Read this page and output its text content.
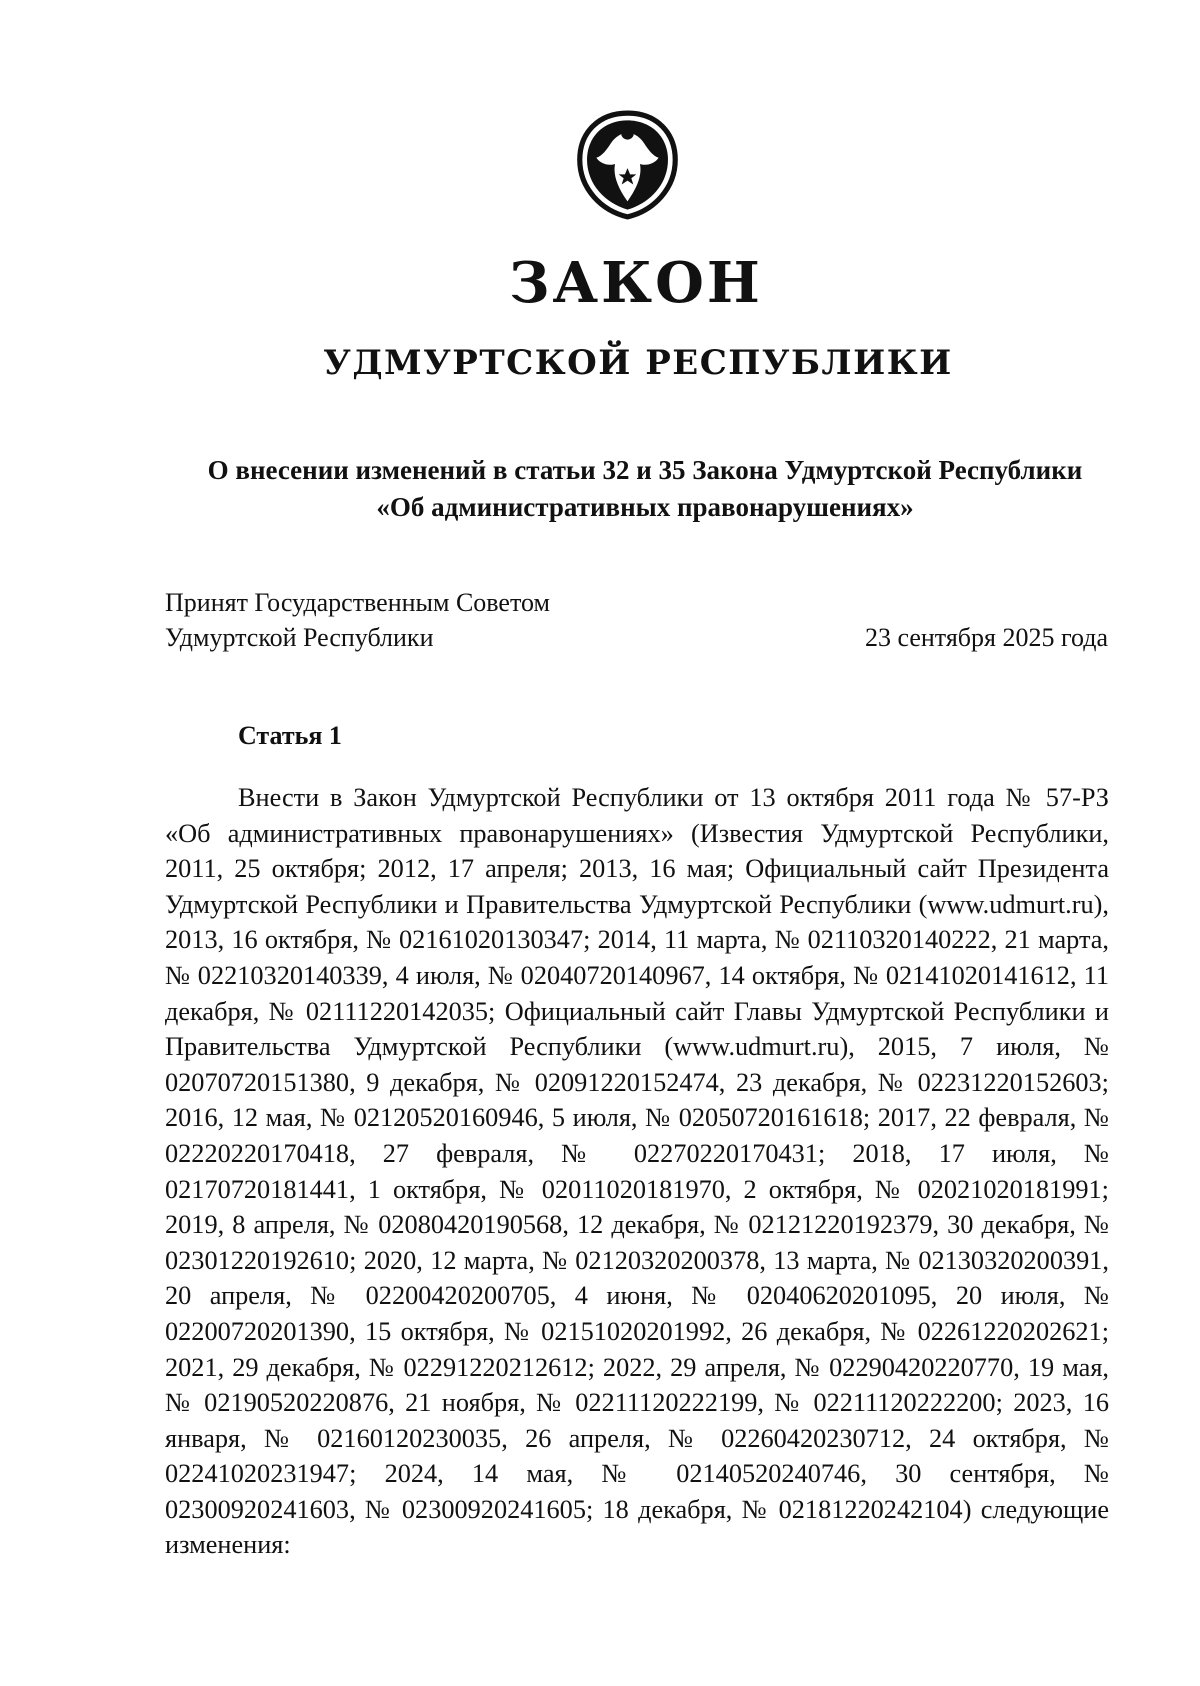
ЗАКОН
УДМУРТСКОЙ РЕСПУБЛИКИ
О внесении изменений в статьи 32 и 35 Закона Удмуртской Республики
«Об административных правонарушениях»
Принят Государственным Советом
Удмуртской Республики	23 сентября 2025 года
Статья 1
Внести в Закон Удмуртской Республики от 13 октября 2011 года № 57-РЗ «Об административных правонарушениях» (Известия Удмуртской Республики, 2011, 25 октября; 2012, 17 апреля; 2013, 16 мая; Официальный сайт Президента Удмуртской Республики и Правительства Удмуртской Республики (www.udmurt.ru), 2013, 16 октября, № 02161020130347; 2014, 11 марта, № 02110320140222, 21 марта, № 02210320140339, 4 июля, № 02040720140967, 14 октября, № 02141020141612, 11 декабря, № 02111220142035; Официальный сайт Главы Удмуртской Республики и Правительства Удмуртской Республики (www.udmurt.ru), 2015, 7 июля, № 02070720151380, 9 декабря, № 02091220152474, 23 декабря, № 02231220152603; 2016, 12 мая, № 02120520160946, 5 июля, № 02050720161618; 2017, 22 февраля, № 02220220170418, 27 февраля, № 02270220170431; 2018, 17 июля, № 02170720181441, 1 октября, № 02011020181970, 2 октября, № 02021020181991; 2019, 8 апреля, № 02080420190568, 12 декабря, № 02121220192379, 30 декабря, № 02301220192610; 2020, 12 марта, № 02120320200378, 13 марта, № 02130320200391, 20 апреля, № 02200420200705, 4 июня, № 02040620201095, 20 июля, № 02200720201390, 15 октября, № 02151020201992, 26 декабря, № 02261220202621; 2021, 29 декабря, № 02291220212612; 2022, 29 апреля, № 02290420220770, 19 мая, № 02190520220876, 21 ноября, № 02211120222199, № 02211120222200; 2023, 16 января, № 02160120230035, 26 апреля, № 02260420230712, 24 октября, № 02241020231947; 2024, 14 мая, № 02140520240746, 30 сентября, № 02300920241603, № 02300920241605; 18 декабря, № 02181220242104) следующие изменения:
